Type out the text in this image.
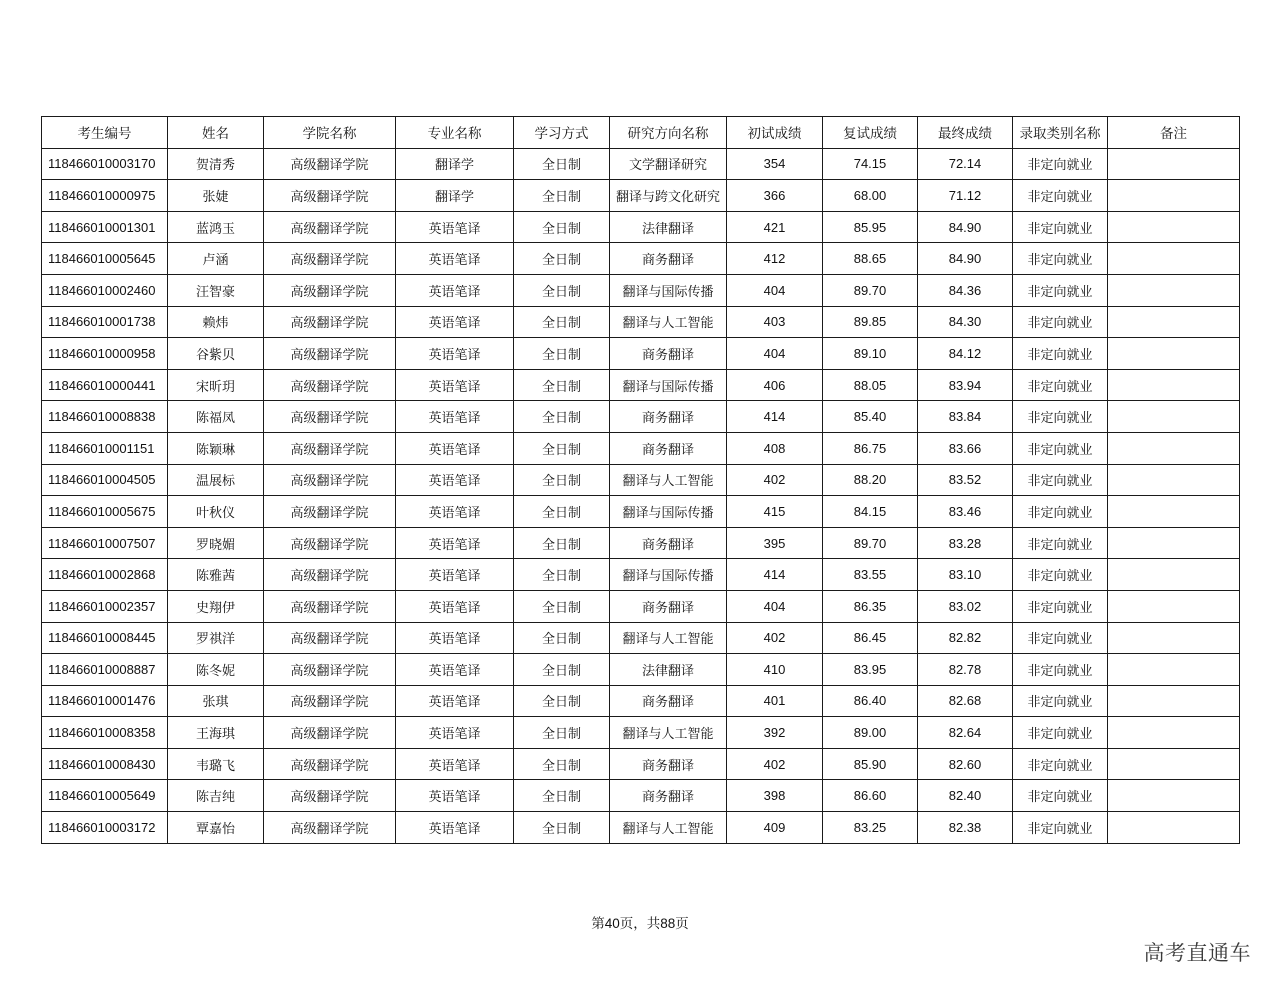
考生编号	姓名	学院名称	专业名称	学习方式	研究方向名称	初试成绩	复试成绩	最终成绩	录取类别名称	备注
118466010003170	贺清秀	高级翻译学院	翻译学	全日制	文学翻译研究	354	74.15	72.14	非定向就业	
118466010000975	张婕	高级翻译学院	翻译学	全日制	翻译与跨文化研究	366	68.00	71.12	非定向就业	
118466010001301	蓝鸿玉	高级翻译学院	英语笔译	全日制	法律翻译	421	85.95	84.90	非定向就业	
118466010005645	卢涵	高级翻译学院	英语笔译	全日制	商务翻译	412	88.65	84.90	非定向就业	
118466010002460	汪智豪	高级翻译学院	英语笔译	全日制	翻译与国际传播	404	89.70	84.36	非定向就业	
118466010001738	赖炜	高级翻译学院	英语笔译	全日制	翻译与人工智能	403	89.85	84.30	非定向就业	
118466010000958	谷紫贝	高级翻译学院	英语笔译	全日制	商务翻译	404	89.10	84.12	非定向就业	
118466010000441	宋昕玥	高级翻译学院	英语笔译	全日制	翻译与国际传播	406	88.05	83.94	非定向就业	
118466010008838	陈福凤	高级翻译学院	英语笔译	全日制	商务翻译	414	85.40	83.84	非定向就业	
118466010001151	陈颖琳	高级翻译学院	英语笔译	全日制	商务翻译	408	86.75	83.66	非定向就业	
118466010004505	温展标	高级翻译学院	英语笔译	全日制	翻译与人工智能	402	88.20	83.52	非定向就业	
118466010005675	叶秋仪	高级翻译学院	英语笔译	全日制	翻译与国际传播	415	84.15	83.46	非定向就业	
118466010007507	罗晓媚	高级翻译学院	英语笔译	全日制	商务翻译	395	89.70	83.28	非定向就业	
118466010002868	陈雅茜	高级翻译学院	英语笔译	全日制	翻译与国际传播	414	83.55	83.10	非定向就业	
118466010002357	史翔伊	高级翻译学院	英语笔译	全日制	商务翻译	404	86.35	83.02	非定向就业	
118466010008445	罗祺洋	高级翻译学院	英语笔译	全日制	翻译与人工智能	402	86.45	82.82	非定向就业	
118466010008887	陈冬妮	高级翻译学院	英语笔译	全日制	法律翻译	410	83.95	82.78	非定向就业	
118466010001476	张琪	高级翻译学院	英语笔译	全日制	商务翻译	401	86.40	82.68	非定向就业	
118466010008358	王海琪	高级翻译学院	英语笔译	全日制	翻译与人工智能	392	89.00	82.64	非定向就业	
118466010008430	韦璐飞	高级翻译学院	英语笔译	全日制	商务翻译	402	85.90	82.60	非定向就业	
118466010005649	陈吉纯	高级翻译学院	英语笔译	全日制	商务翻译	398	86.60	82.40	非定向就业	
118466010003172	覃嘉怡	高级翻译学院	英语笔译	全日制	翻译与人工智能	409	83.25	82.38	非定向就业	
第40页，共88页
高考直通车
